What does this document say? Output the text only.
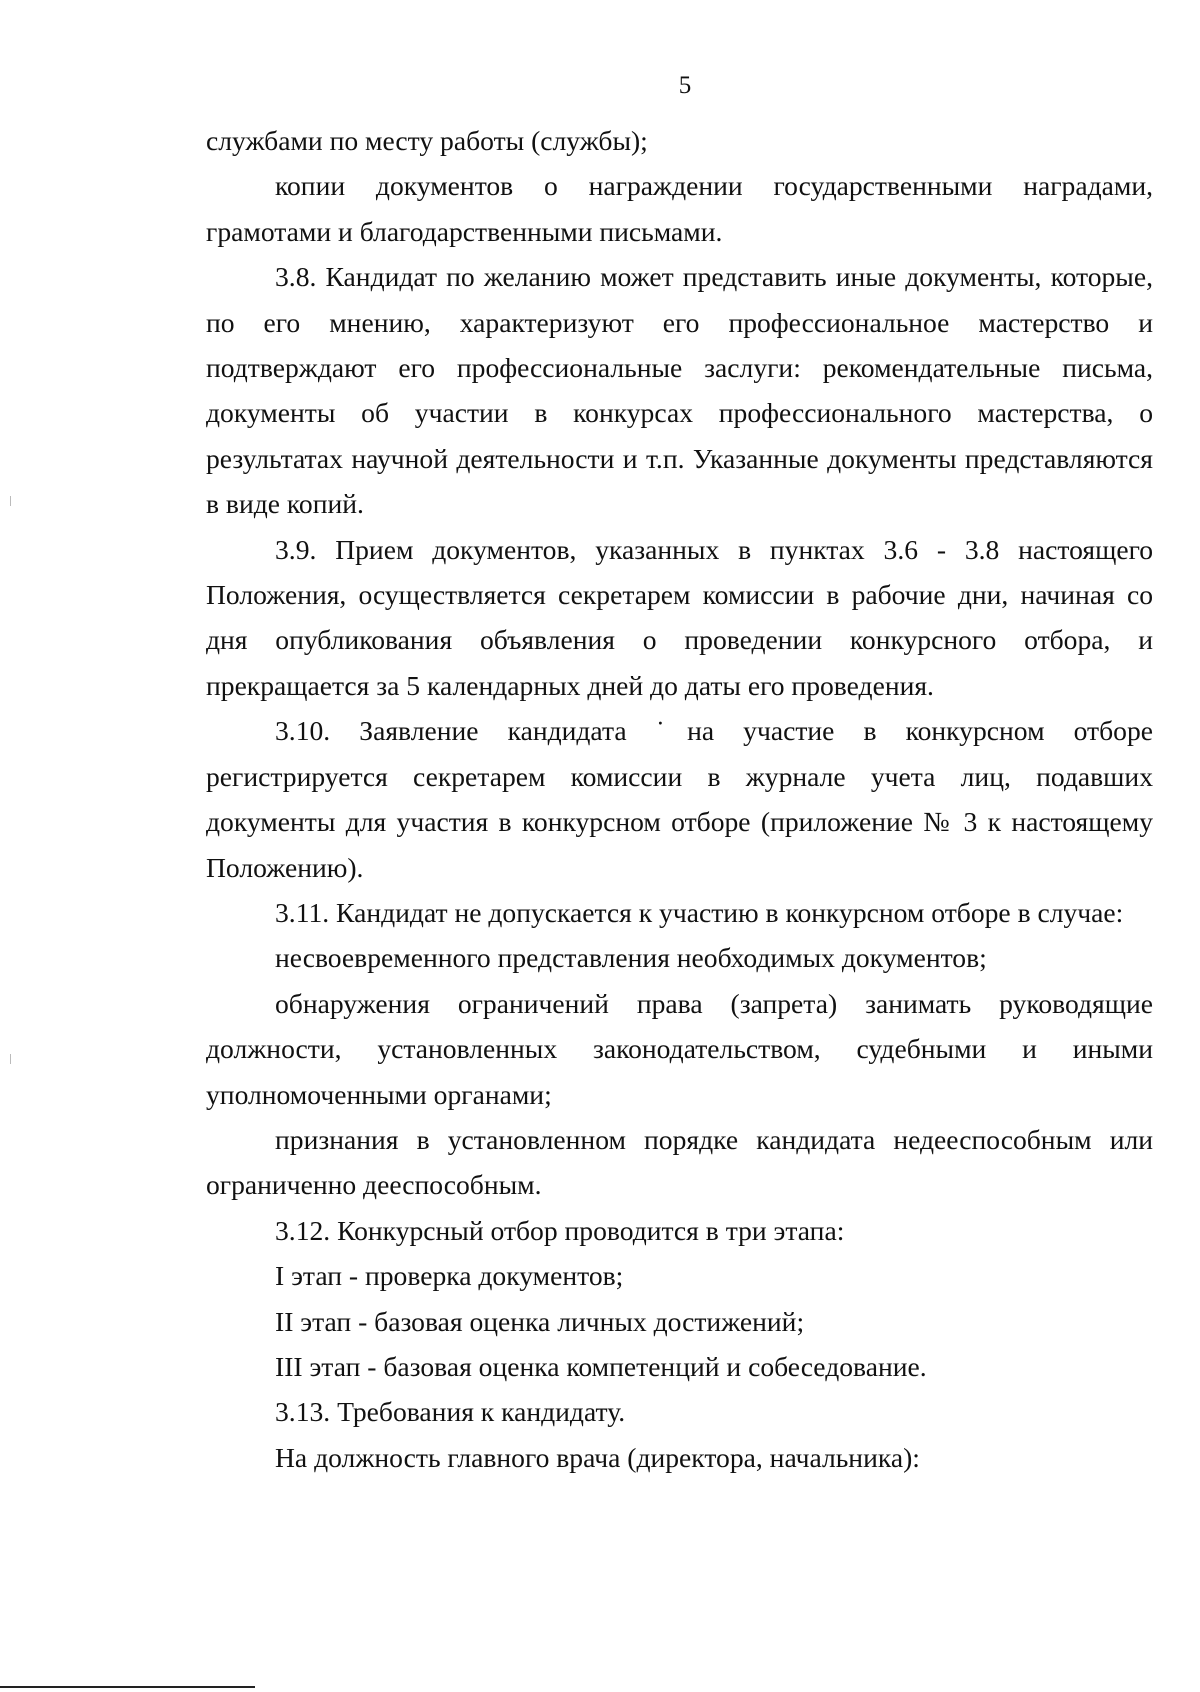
5

службами по месту работы (службы);

копии документов о награждении государственными наградами, грамотами и благодарственными письмами.

3.8. Кандидат по желанию может представить иные документы, которые, по его мнению, характеризуют его профессиональное мастерство и подтверждают его профессиональные заслуги: рекомендательные письма, документы об участии в конкурсах профессионального мастерства, о результатах научной деятельности и т.п. Указанные документы представляются в виде копий.

3.9. Прием документов, указанных в пунктах 3.6 - 3.8 настоящего Положения, осуществляется секретарем комиссии в рабочие дни, начиная со дня опубликования объявления о проведении конкурсного отбора, и прекращается за 5 календарных дней до даты его проведения.

3.10. Заявление кандидата ˙на участие в конкурсном отборе регистрируется секретарем комиссии в журнале учета лиц, подавших документы для участия в конкурсном отборе (приложение № 3 к настоящему Положению).

3.11. Кандидат не допускается к участию в конкурсном отборе в случае:

несвоевременного представления необходимых документов;

обнаружения ограничений права (запрета) занимать руководящие должности, установленных законодательством, судебными и иными уполномоченными органами;

признания в установленном порядке кандидата недееспособным или ограниченно дееспособным.

3.12. Конкурсный отбор проводится в три этапа:

I этап - проверка документов;

II этап - базовая оценка личных достижений;

III этап - базовая оценка компетенций и собеседование.

3.13. Требования к кандидату.

На должность главного врача (директора, начальника):
